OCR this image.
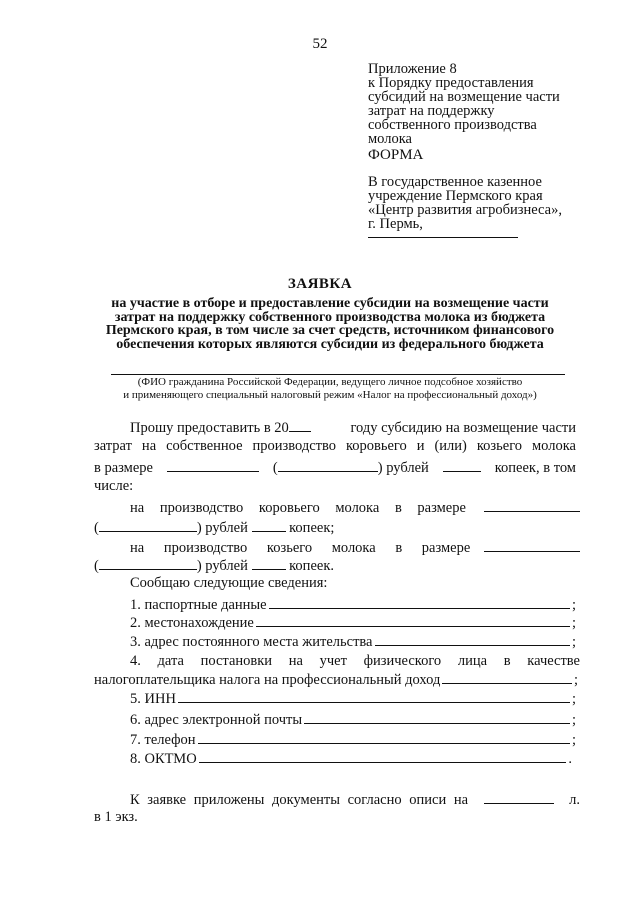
52
Приложение 8
к Порядку предоставления
субсидий на возмещение части
затрат на поддержку
собственного производства
молока
ФОРМА
В государственное казенное
учреждение Пермского края
«Центр развития агробизнеса»,
г. Пермь,
ЗАЯВКА
на участие в отборе и предоставление субсидии на возмещение части
затрат на поддержку собственного производства молока из бюджета
Пермского края, в том числе за счет средств, источником финансового
обеспечения которых являются субсидии из федерального бюджета
(ФИО гражданина Российской Федерации, ведущего личное подсобное хозяйство
и применяющего специальный налоговый режим «Налог на профессиональный доход»)
Прошу предоставить в 20	году субсидию на возмещение части
затрат на собственное производство коровьего и (или) козьего молока
в размере	(	) рублей	копеек, в том
числе:
на производство коровьего молока в размере
(	) рублей	копеек;
на производство козьего молока в размере
(	) рублей	копеек.
Сообщаю следующие сведения:
1. паспортные данные	;
2. местонахождение	;
3. адрес постоянного места жительства	;
4. дата постановки на учет физического лица в качестве
налогоплательщика налога на профессиональный доход	;
5. ИНН	;
6. адрес электронной почты	;
7. телефон	;
8. ОКТМО	.
К заявке приложены документы согласно описи на	л.
в 1 экз.
